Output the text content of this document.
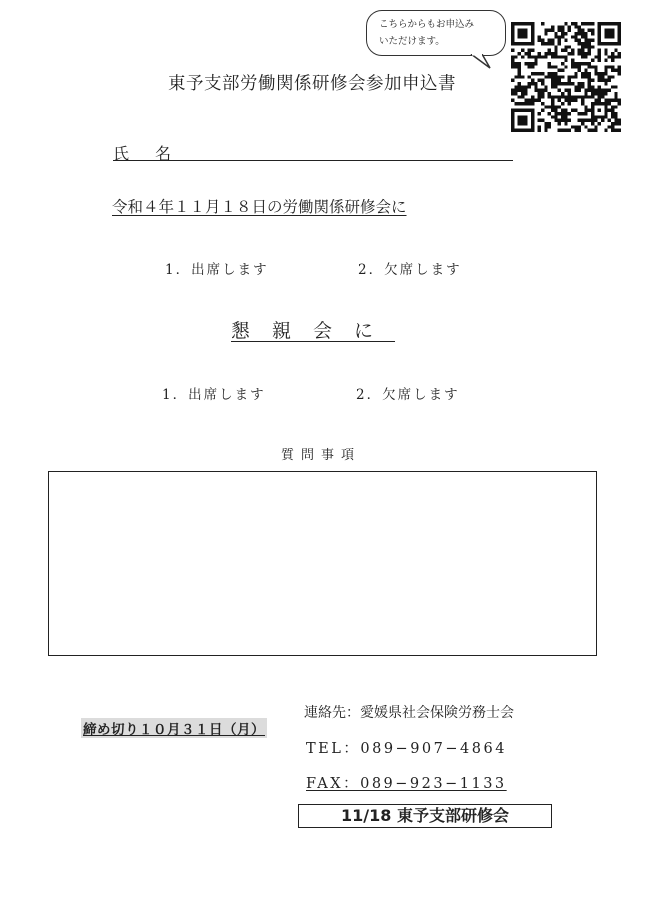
こちらからもお申込み
いただけます。
東予支部労働関係研修会参加申込書
氏名
令和４年１１月１８日の労働関係研修会に
1．出席します	2．欠席します
懇親会に
1．出席します	2．欠席します
質問事項
連絡先：愛媛県社会保険労務士会
締め切り１０月３１日（月）
TEL：089−907−4864
FAX：089−923−1133
11/18 東予支部研修会
